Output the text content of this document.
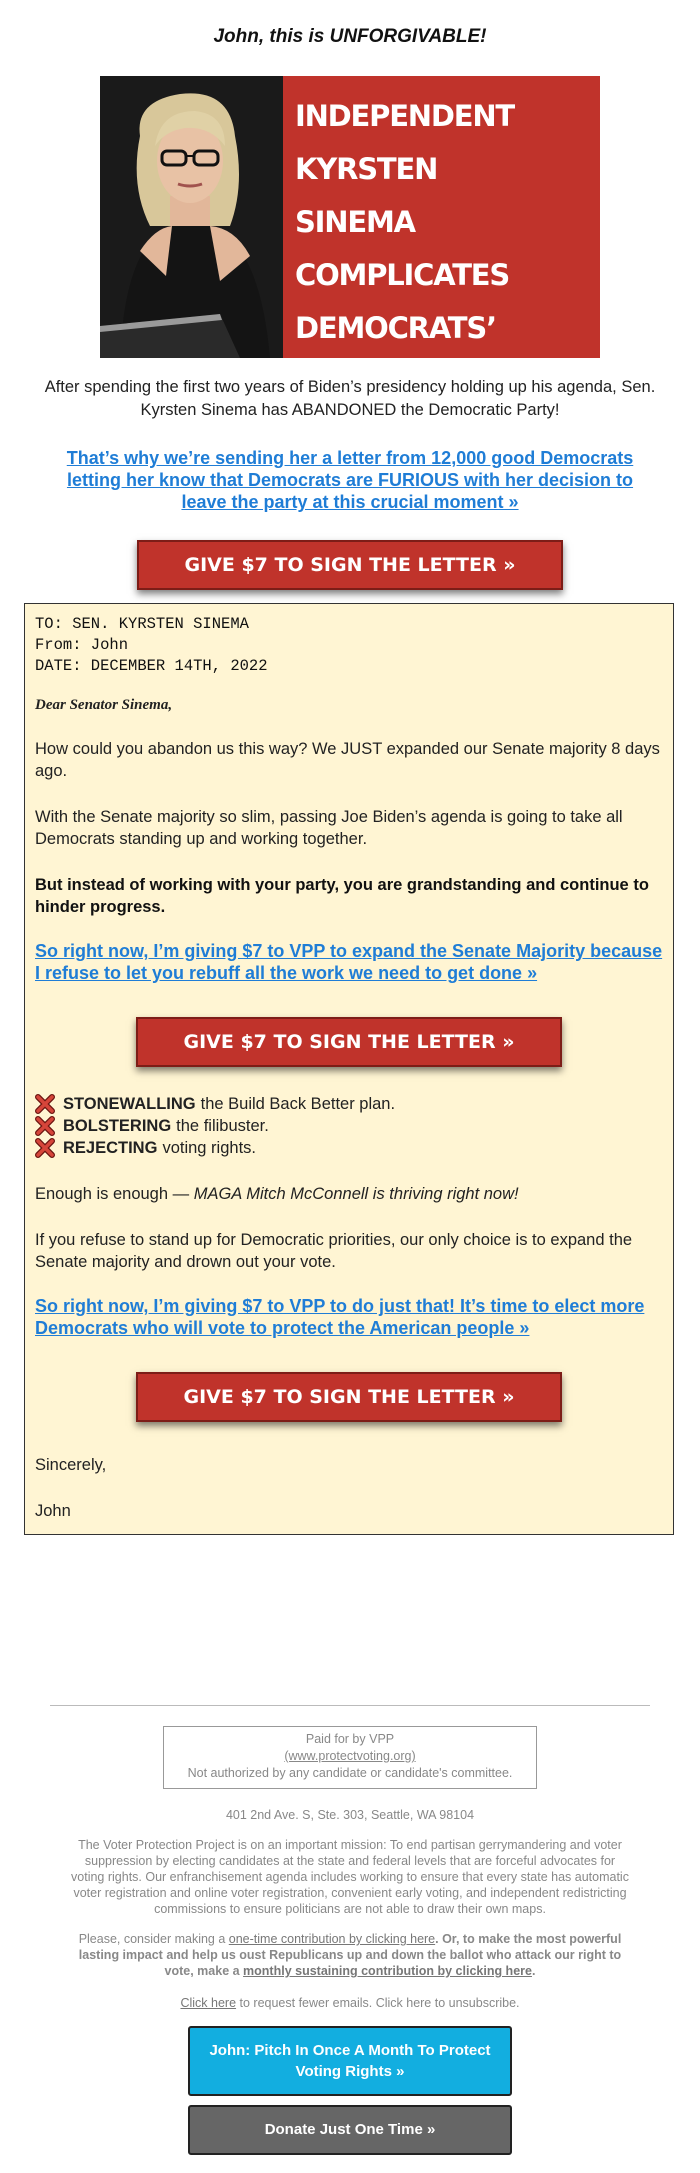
John, this is UNFORGIVABLE!

INDEPENDENT KYRSTEN
SINEMA COMPLICATES
DEMOCRATS’

After spending the first two years of Biden’s presidency holding up his agenda, Sen. Kyrsten Sinema has ABANDONED the Democratic Party!

That’s why we’re sending her a letter from 12,000 good Democrats letting her know that Democrats are FURIOUS with her decision to leave the party at this crucial moment »
GIVE $7 TO SIGN THE LETTER »
TO: SEN. KYRSTEN SINEMA
From: John
DATE: DECEMBER 14TH, 2022
Dear Senator Sinema,
How could you abandon us this way? We JUST expanded our Senate majority 8 days ago.
With the Senate majority so slim, passing Joe Biden’s agenda is going to take all Democrats standing up and working together.
But instead of working with your party, you are grandstanding and continue to hinder progress.
So right now, I’m giving $7 to VPP to expand the Senate Majority because I refuse to let you rebuff all the work we need to get done »
GIVE $7 TO SIGN THE LETTER »
STONEWALLING the Build Back Better plan.
BOLSTERING the filibuster.
REJECTING voting rights.
Enough is enough — MAGA Mitch McConnell is thriving right now!
If you refuse to stand up for Democratic priorities, our only choice is to expand the Senate majority and drown out your vote.
So right now, I’m giving $7 to VPP to do just that! It’s time to elect more Democrats who will vote to protect the American people »
GIVE $7 TO SIGN THE LETTER »
Sincerely,
John
Paid for by VPP
(www.protectvoting.org)
Not authorized by any candidate or candidate's committee.
401 2nd Ave. S, Ste. 303, Seattle, WA 98104
The Voter Protection Project is on an important mission: To end partisan gerrymandering and voter suppression by electing candidates at the state and federal levels that are forceful advocates for voting rights. Our enfranchisement agenda includes working to ensure that every state has automatic voter registration and online voter registration, convenient early voting, and independent redistricting commissions to ensure politicians are not able to draw their own maps.
Please, consider making a one-time contribution by clicking here. Or, to make the most powerful lasting impact and help us oust Republicans up and down the ballot who attack our right to vote, make a monthly sustaining contribution by clicking here.
Click here to request fewer emails. Click here to unsubscribe.
John: Pitch In Once A Month To Protect Voting Rights »
Donate Just One Time »
